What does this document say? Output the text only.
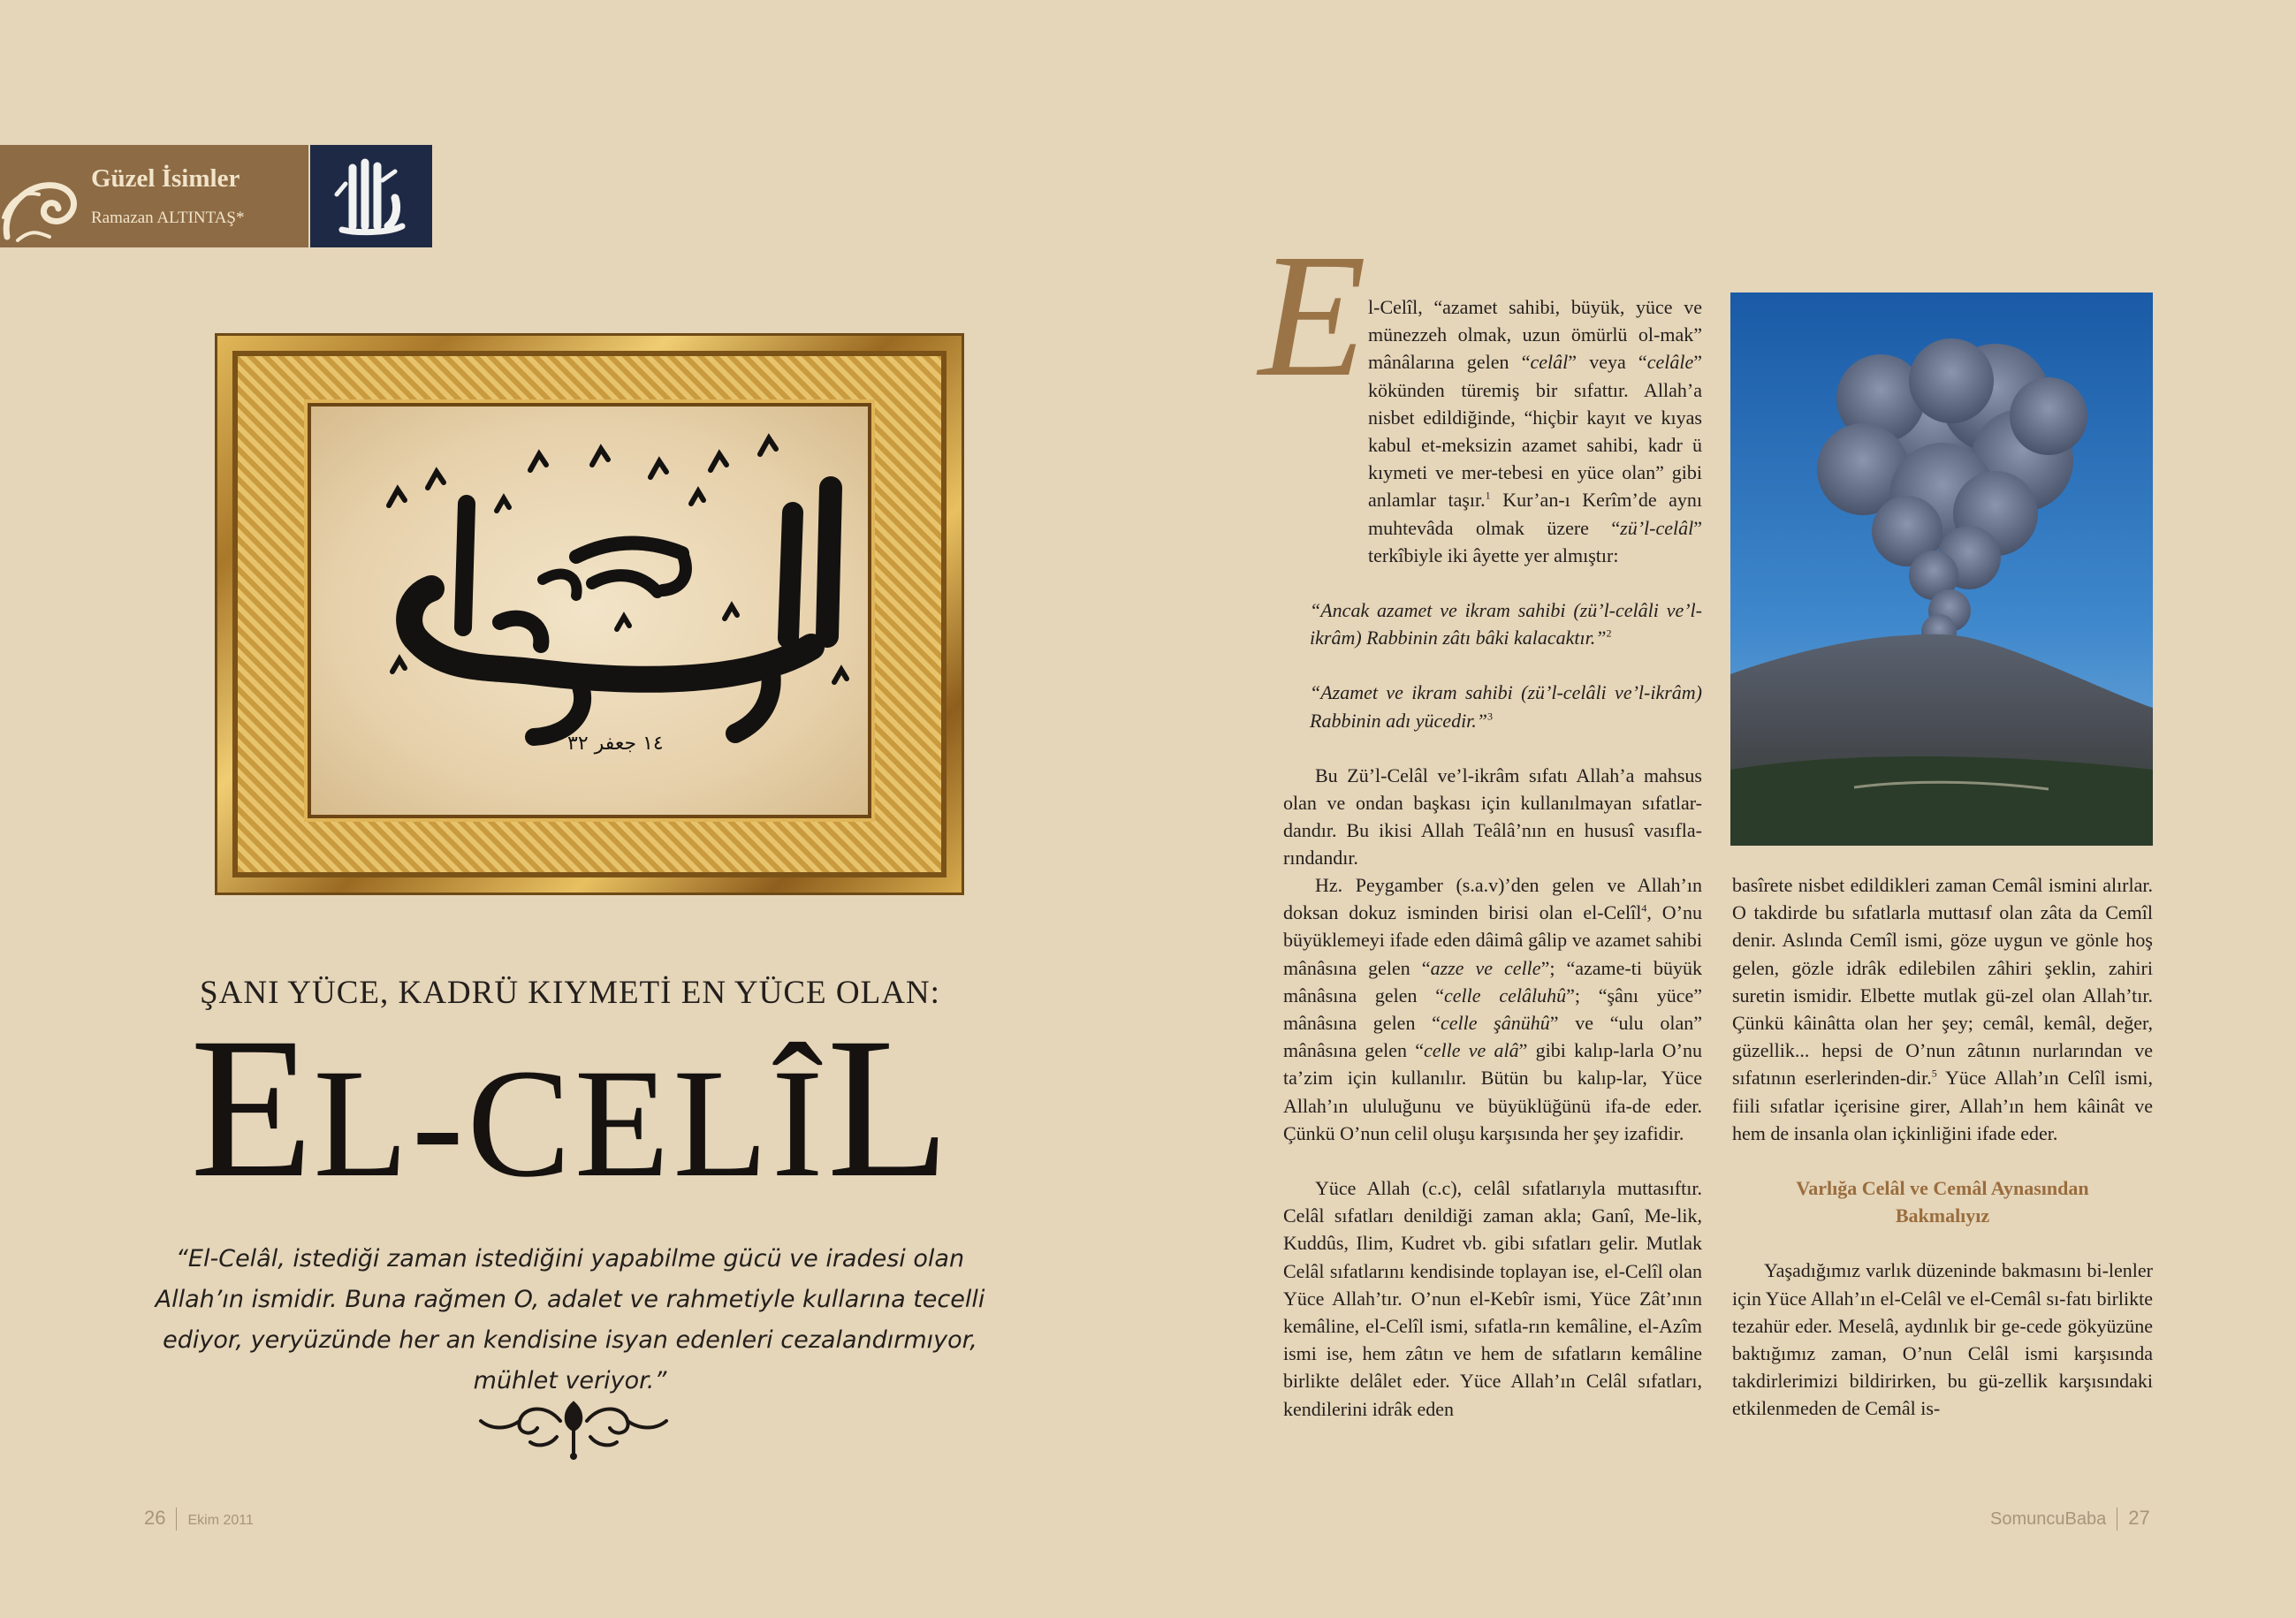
Güzel İsimler
Ramazan ALTINTAŞ*
١٤ جعفر ٣٢
ŞANI YÜCE, KADRÜ KIYMETİ EN YÜCE OLAN:
EL-CELÎL
“El-Celâl, istediği zaman istediğini yapabilme gücü ve iradesi olan Allah’ın ismidir. Buna rağmen O, adalet ve rahmetiyle kullarına tecelli ediyor, yeryüzünde her an kendisine isyan edenleri cezalandırmıyor, mühlet veriyor.”
26 Ekim 2011
E l-Celîl, “azamet sahibi, büyük, yüce ve münezzeh olmak, uzun ömürlü ol-mak” mânâlarına gelen “celâl” veya “celâle” kökünden türemiş bir sıfattır. Allah’a nisbet edildiğinde, “hiçbir kayıt ve kıyas kabul et-meksizin azamet sahibi, kadr ü kıymeti ve mer-tebesi en yüce olan” gibi anlamlar taşır.$^1$ Kur’an-ı Kerîm’de aynı muhtevâda olmak üzere “zü’l-celâl” terkîbiyle iki âyette yer almıştır:

“Ancak azamet ve ikram sahibi (zü’l-celâli ve’l-ikrâm) Rabbinin zâtı bâki kalacaktır.”$^2$

“Azamet ve ikram sahibi (zü’l-celâli ve’l-ikrâm) Rabbinin adı yücedir.”$^3$

Bu Zü’l-Celâl ve’l-ikrâm sıfatı Allah’a mahsus olan ve ondan başkası için kullanılmayan sıfatlar-dandır. Bu ikisi Allah Teâlâ’nın en hususî vasıfla-rındandır.

Hz. Peygamber (s.a.v)’den gelen ve Allah’ın doksan dokuz isminden birisi olan el-Celîl$^4$, O’nu büyüklemeyi ifade eden dâimâ gâlip ve azamet sahibi mânâsına gelen “azze ve celle”; “azame-ti büyük mânâsına gelen “celle celâluhû”; “şânı yüce” mânâsına gelen “celle şânühû” ve “ulu olan” mânâsına gelen “celle ve alâ” gibi kalıp-larla O’nu ta’zim için kullanılır. Bütün bu kalıp-lar, Yüce Allah’ın ululuğunu ve büyüklüğünü ifa-de eder. Çünkü O’nun celil oluşu karşısında her şey izafidir.

Yüce Allah (c.c), celâl sıfatlarıyla muttasıftır. Celâl sıfatları denildiği zaman akla; Ganî, Me-lik, Kuddûs, Ilim, Kudret vb. gibi sıfatları gelir. Mutlak Celâl sıfatlarını kendisinde toplayan ise, el-Celîl olan Yüce Allah’tır. O’nun el-Kebîr ismi, Yüce Zât’ının kemâline, el-Celîl ismi, sıfatla-rın kemâline, el-Azîm ismi ise, hem zâtın ve hem de sıfatların kemâline birlikte delâlet eder. Yüce Allah’ın Celâl sıfatları, kendilerini idrâk eden

basîrete nisbet edildikleri zaman Cemâl ismini alırlar. O takdirde bu sıfatlarla muttasıf olan zâta da Cemîl denir. Aslında Cemîl ismi, göze uygun ve gönle hoş gelen, gözle idrâk edilebilen zâhiri şeklin, zahiri suretin ismidir. Elbette mutlak gü-zel olan Allah’tır. Çünkü kâinâtta olan her şey; cemâl, kemâl, değer, güzellik... hepsi de O’nun zâtının nurlarından ve sıfatının eserlerinden-dir.$^5$ Yüce Allah’ın Celîl ismi, fiili sıfatlar içerisine girer, Allah’ın hem kâinât ve hem de insanla olan içkinliğini ifade eder.

Varlığa Celâl ve Cemâl Aynasından Bakmalıyız

Yaşadığımız varlık düzeninde bakmasını bi-lenler için Yüce Allah’ın el-Celâl ve el-Cemâl sı-fatı birlikte tezahür eder. Meselâ, aydınlık bir ge-cede gökyüzüne baktığımız zaman, O’nun Celâl ismi karşısında takdirlerimizi bildirirken, bu gü-zellik karşısındaki etkilenmeden de Cemâl is-

SomuncuBaba 27
